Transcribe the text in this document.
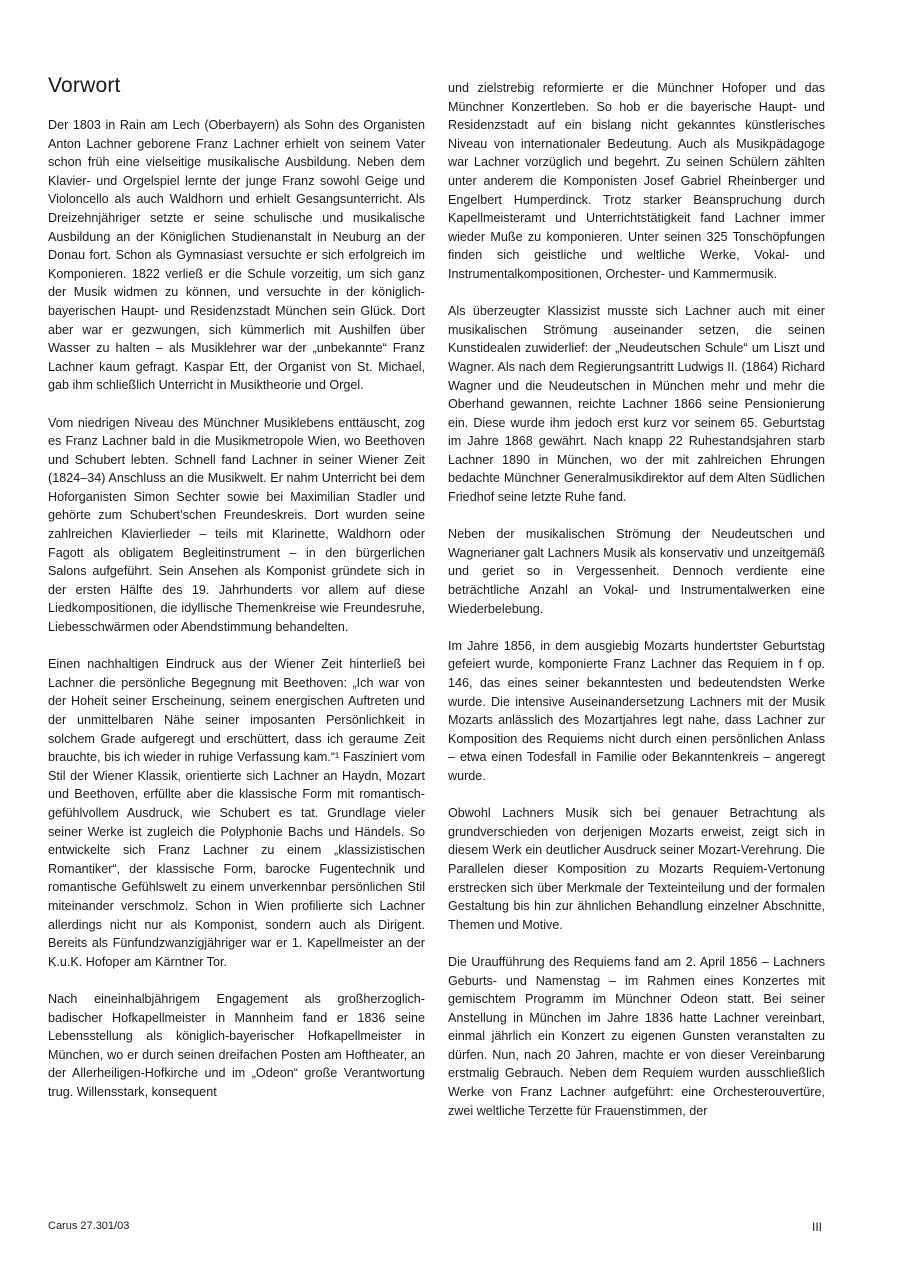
Vorwort

Der 1803 in Rain am Lech (Oberbayern) als Sohn des Organisten Anton Lachner geborene Franz Lachner erhielt von seinem Vater schon früh eine vielseitige musikalische Ausbildung. Neben dem Klavier- und Orgelspiel lernte der junge Franz sowohl Geige und Violoncello als auch Waldhorn und erhielt Gesangsunterricht. Als Dreizehnjähriger setzte er seine schulische und musikalische Ausbildung an der Königlichen Studienanstalt in Neuburg an der Donau fort. Schon als Gymnasiast versuchte er sich erfolgreich im Komponieren. 1822 verließ er die Schule vorzeitig, um sich ganz der Musik widmen zu können, und versuchte in der königlich-bayerischen Haupt- und Residenzstadt München sein Glück. Dort aber war er gezwungen, sich kümmerlich mit Aushilfen über Wasser zu halten – als Musiklehrer war der „unbekannte“ Franz Lachner kaum gefragt. Kaspar Ett, der Organist von St. Michael, gab ihm schließlich Unterricht in Musiktheorie und Orgel.

Vom niedrigen Niveau des Münchner Musiklebens enttäuscht, zog es Franz Lachner bald in die Musikmetropole Wien, wo Beethoven und Schubert lebten. Schnell fand Lachner in seiner Wiener Zeit (1824–34) Anschluss an die Musikwelt. Er nahm Unterricht bei dem Hoforganisten Simon Sechter sowie bei Maximilian Stadler und gehörte zum Schubert’schen Freundeskreis. Dort wurden seine zahlreichen Klavierlieder – teils mit Klarinette, Waldhorn oder Fagott als obligatem Begleitinstrument – in den bürgerlichen Salons aufgeführt. Sein Ansehen als Komponist gründete sich in der ersten Hälfte des 19. Jahrhunderts vor allem auf diese Liedkompositionen, die idyllische Themenkreise wie Freundesruhe, Liebesschwärmen oder Abendstimmung behandelten.

Einen nachhaltigen Eindruck aus der Wiener Zeit hinterließ bei Lachner die persönliche Begegnung mit Beethoven: „Ich war von der Hoheit seiner Erscheinung, seinem energischen Auftreten und der unmittelbaren Nähe seiner imposanten Persönlichkeit in solchem Grade aufgeregt und erschüttert, dass ich geraume Zeit brauchte, bis ich wieder in ruhige Verfassung kam.“¹ Fasziniert vom Stil der Wiener Klassik, orientierte sich Lachner an Haydn, Mozart und Beethoven, erfüllte aber die klassische Form mit romantisch-gefühlvollem Ausdruck, wie Schubert es tat. Grundlage vieler seiner Werke ist zugleich die Polyphonie Bachs und Händels. So entwickelte sich Franz Lachner zu einem „klassizistischen Romantiker“, der klassische Form, barocke Fugentechnik und romantische Gefühlswelt zu einem unverkennbar persönlichen Stil miteinander verschmolz. Schon in Wien profilierte sich Lachner allerdings nicht nur als Komponist, sondern auch als Dirigent. Bereits als Fünfundzwanzigjähriger war er 1. Kapellmeister an der K.u.K. Hofoper am Kärntner Tor.

Nach eineinhalbjährigem Engagement als großherzoglich-badischer Hofkapellmeister in Mannheim fand er 1836 seine Lebensstellung als königlich-bayerischer Hofkapellmeister in München, wo er durch seinen dreifachen Posten am Hoftheater, an der Allerheiligen-Hofkirche und im „Odeon“ große Verantwortung trug. Willensstark, konsequent

und zielstrebig reformierte er die Münchner Hofoper und das Münchner Konzertleben. So hob er die bayerische Haupt- und Residenzstadt auf ein bislang nicht gekanntes künstlerisches Niveau von internationaler Bedeutung. Auch als Musikpädagoge war Lachner vorzüglich und begehrt. Zu seinen Schülern zählten unter anderem die Komponisten Josef Gabriel Rheinberger und Engelbert Humperdinck. Trotz starker Beanspruchung durch Kapellmeisteramt und Unterrichtstätigkeit fand Lachner immer wieder Muße zu komponieren. Unter seinen 325 Tonschöpfungen finden sich geistliche und weltliche Werke, Vokal- und Instrumentalkompositionen, Orchester- und Kammermusik.

Als überzeugter Klassizist musste sich Lachner auch mit einer musikalischen Strömung auseinander setzen, die seinen Kunstidealen zuwiderlief: der „Neudeutschen Schule“ um Liszt und Wagner. Als nach dem Regierungsantritt Ludwigs II. (1864) Richard Wagner und die Neudeutschen in München mehr und mehr die Oberhand gewannen, reichte Lachner 1866 seine Pensionierung ein. Diese wurde ihm jedoch erst kurz vor seinem 65. Geburtstag im Jahre 1868 gewährt. Nach knapp 22 Ruhestandsjahren starb Lachner 1890 in München, wo der mit zahlreichen Ehrungen bedachte Münchner Generalmusikdirektor auf dem Alten Südlichen Friedhof seine letzte Ruhe fand.

Neben der musikalischen Strömung der Neudeutschen und Wagnerianer galt Lachners Musik als konservativ und unzeitgemäß und geriet so in Vergessenheit. Dennoch verdiente eine beträchtliche Anzahl an Vokal- und Instrumentalwerken eine Wiederbelebung.

Im Jahre 1856, in dem ausgiebig Mozarts hundertster Geburtstag gefeiert wurde, komponierte Franz Lachner das Requiem in f op. 146, das eines seiner bekanntesten und bedeutendsten Werke wurde. Die intensive Auseinandersetzung Lachners mit der Musik Mozarts anlässlich des Mozartjahres legt nahe, dass Lachner zur Komposition des Requiems nicht durch einen persönlichen Anlass – etwa einen Todesfall in Familie oder Bekanntenkreis – angeregt wurde.

Obwohl Lachners Musik sich bei genauer Betrachtung als grundverschieden von derjenigen Mozarts erweist, zeigt sich in diesem Werk ein deutlicher Ausdruck seiner Mozart-Verehrung. Die Parallelen dieser Komposition zu Mozarts Requiem-Vertonung erstrecken sich über Merkmale der Texteinteilung und der formalen Gestaltung bis hin zur ähnlichen Behandlung einzelner Abschnitte, Themen und Motive.

Die Uraufführung des Requiems fand am 2. April 1856 – Lachners Geburts- und Namenstag – im Rahmen eines Konzertes mit gemischtem Programm im Münchner Odeon statt. Bei seiner Anstellung in München im Jahre 1836 hatte Lachner vereinbart, einmal jährlich ein Konzert zu eigenen Gunsten veranstalten zu dürfen. Nun, nach 20 Jahren, machte er von dieser Vereinbarung erstmalig Gebrauch. Neben dem Requiem wurden ausschließlich Werke von Franz Lachner aufgeführt: eine Orchesterouvertüre, zwei weltliche Terzette für Frauenstimmen, der

Carus 27.301/03	III
